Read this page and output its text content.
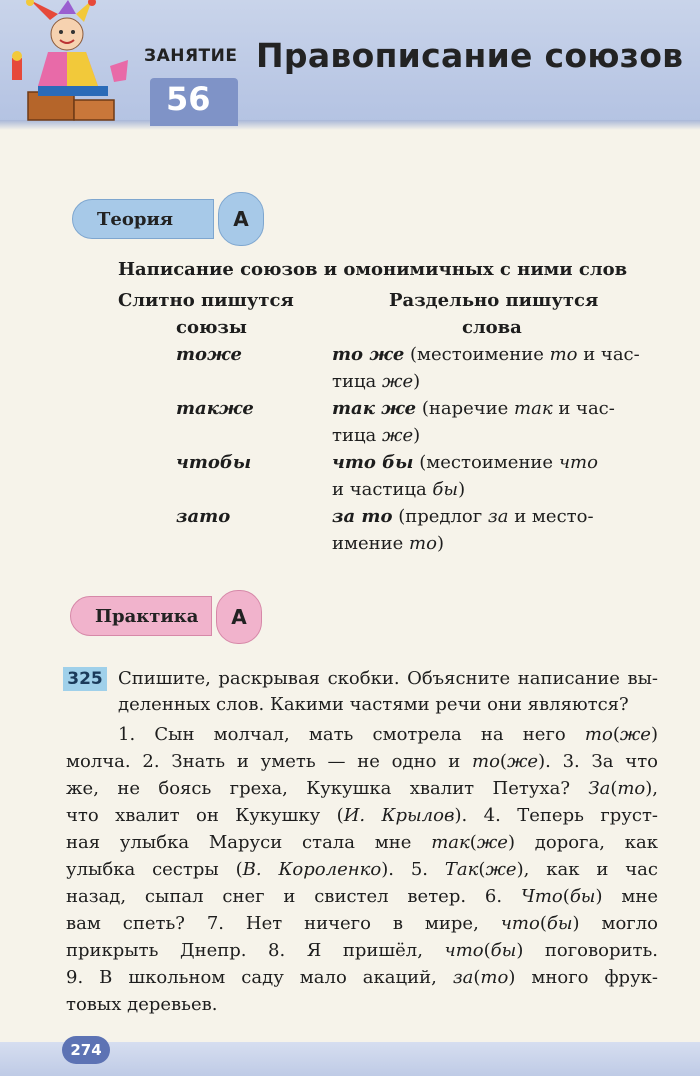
ЗАНЯТИЕ
56
Правописание союзов
Теория	А
Написание союзов и омонимичных с ними слов
Слитно пишутся
союзы
Раздельно пишутся
слова
тоже	то же (местоимение то и час-
тица же)
также	так же (наречие так и час-
тица же)
чтобы	что бы (местоимение что
и частица бы)
зато	за то (предлог за и место-
имение то)
Практика	А
325 Спишите, раскрывая скобки. Объясните написание вы-
деленных слов. Какими частями речи они являются?
1. Сын молчал, мать смотрела на него то(же)
молча. 2. Знать и уметь — не одно и то(же). 3. За что
же, не боясь греха, Кукушка хвалит Петуха? За(то),
что хвалит он Кукушку (И. Крылов). 4. Теперь груст-
ная улыбка Маруси стала мне так(же) дорога, как
улыбка сестры (В. Короленко). 5. Так(же), как и час
назад, сыпал снег и свистел ветер. 6. Что(бы) мне
вам спеть? 7. Нет ничего в мире, что(бы) могло
прикрыть Днепр. 8. Я пришёл, что(бы) поговорить.
9. В школьном саду мало акаций, за(то) много фрук-
товых деревьев.
274
